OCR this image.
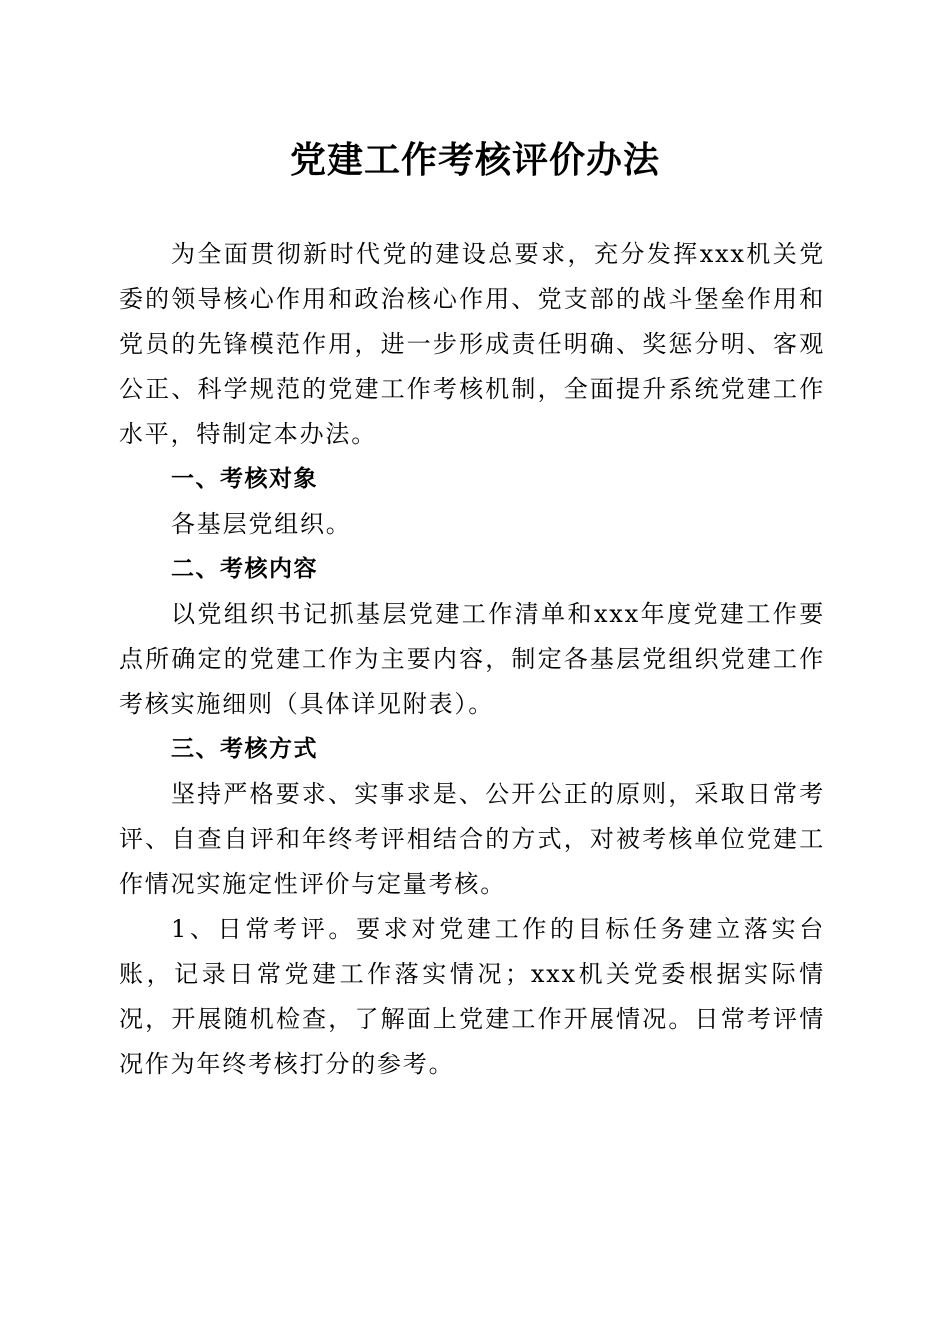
党建工作考核评价办法

为全面贯彻新时代党的建设总要求，充分发挥xxx机关党委的领导核心作用和政治核心作用、党支部的战斗堡垒作用和党员的先锋模范作用，进一步形成责任明确、奖惩分明、客观公正、科学规范的党建工作考核机制，全面提升系统党建工作水平，特制定本办法。

一、考核对象

各基层党组织。

二、考核内容

以党组织书记抓基层党建工作清单和xxx年度党建工作要点所确定的党建工作为主要内容，制定各基层党组织党建工作考核实施细则（具体详见附表）。

三、考核方式

坚持严格要求、实事求是、公开公正的原则，采取日常考评、自查自评和年终考评相结合的方式，对被考核单位党建工作情况实施定性评价与定量考核。

1、日常考评。要求对党建工作的目标任务建立落实台账，记录日常党建工作落实情况；xxx机关党委根据实际情况，开展随机检查，了解面上党建工作开展情况。日常考评情况作为年终考核打分的参考。
